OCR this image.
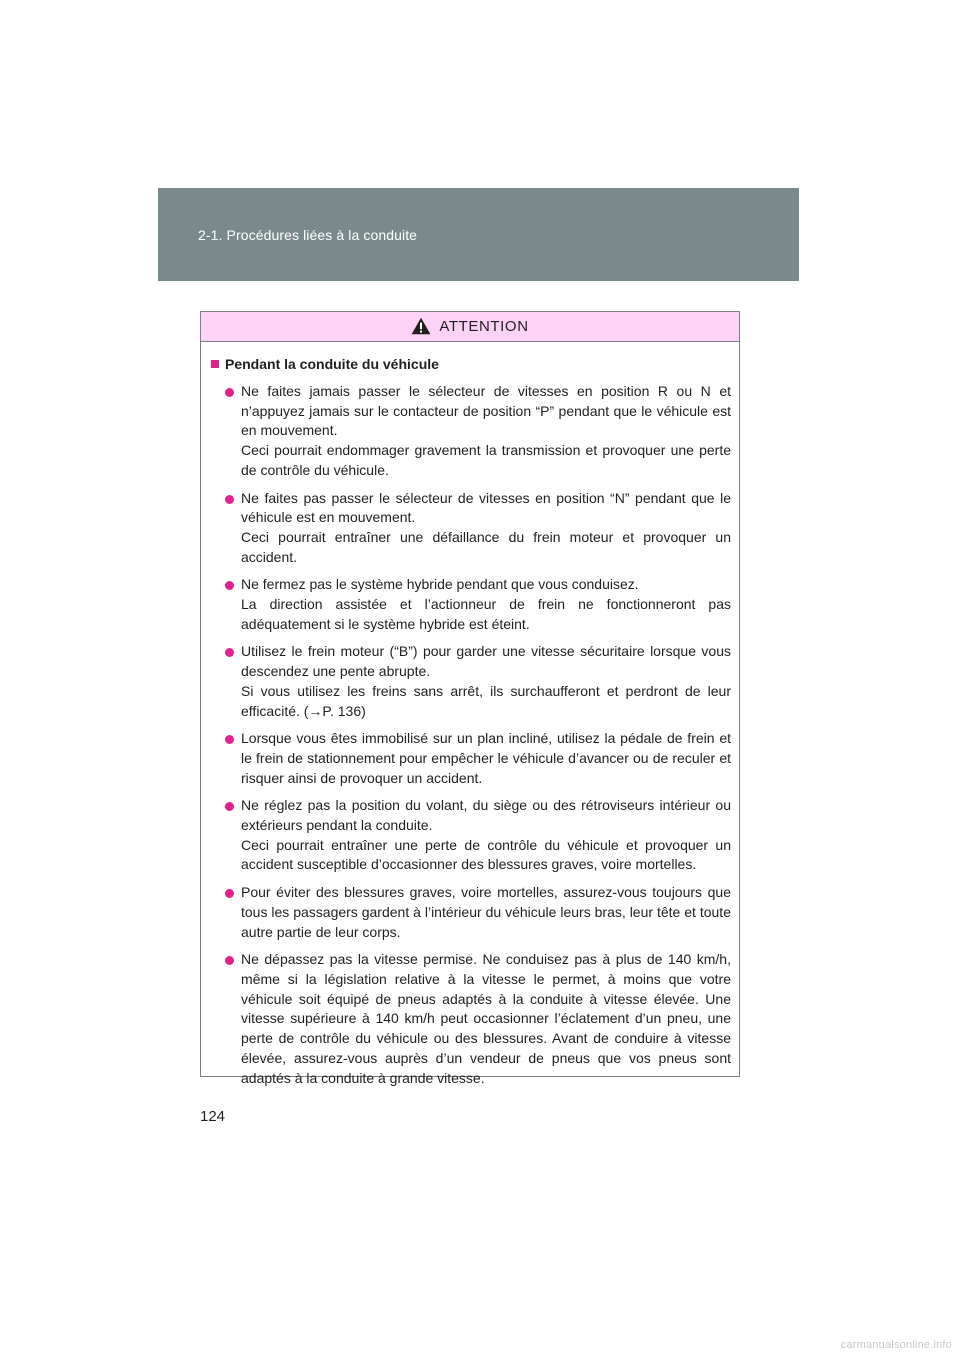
2-1. Procédures liées à la conduite
ATTENTION
Pendant la conduite du véhicule
Ne faites jamais passer le sélecteur de vitesses en position R ou N et n’appuyez jamais sur le contacteur de position “P” pendant que le véhicule est en mouvement.
Ceci pourrait endommager gravement la transmission et provoquer une perte de contrôle du véhicule.
Ne faites pas passer le sélecteur de vitesses en position “N” pendant que le véhicule est en mouvement.
Ceci pourrait entraîner une défaillance du frein moteur et provoquer un accident.
Ne fermez pas le système hybride pendant que vous conduisez.
La direction assistée et l’actionneur de frein ne fonctionneront pas adéquatement si le système hybride est éteint.
Utilisez le frein moteur (“B”) pour garder une vitesse sécuritaire lorsque vous descendez une pente abrupte.
Si vous utilisez les freins sans arrêt, ils surchaufferont et perdront de leur efficacité. (→P. 136)
Lorsque vous êtes immobilisé sur un plan incliné, utilisez la pédale de frein et le frein de stationnement pour empêcher le véhicule d’avancer ou de reculer et risquer ainsi de provoquer un accident.
Ne réglez pas la position du volant, du siège ou des rétroviseurs intérieur ou extérieurs pendant la conduite.
Ceci pourrait entraîner une perte de contrôle du véhicule et provoquer un accident susceptible d’occasionner des blessures graves, voire mortelles.
Pour éviter des blessures graves, voire mortelles, assurez-vous toujours que tous les passagers gardent à l’intérieur du véhicule leurs bras, leur tête et toute autre partie de leur corps.
Ne dépassez pas la vitesse permise. Ne conduisez pas à plus de 140 km/h, même si la législation relative à la vitesse le permet, à moins que votre véhicule soit équipé de pneus adaptés à la conduite à vitesse élevée. Une vitesse supérieure à 140 km/h peut occasionner l’éclatement d’un pneu, une perte de contrôle du véhicule ou des blessures. Avant de conduire à vitesse élevée, assurez-vous auprès d’un vendeur de pneus que vos pneus sont adaptés à la conduite à grande vitesse.
124
carmanualsonline.info
